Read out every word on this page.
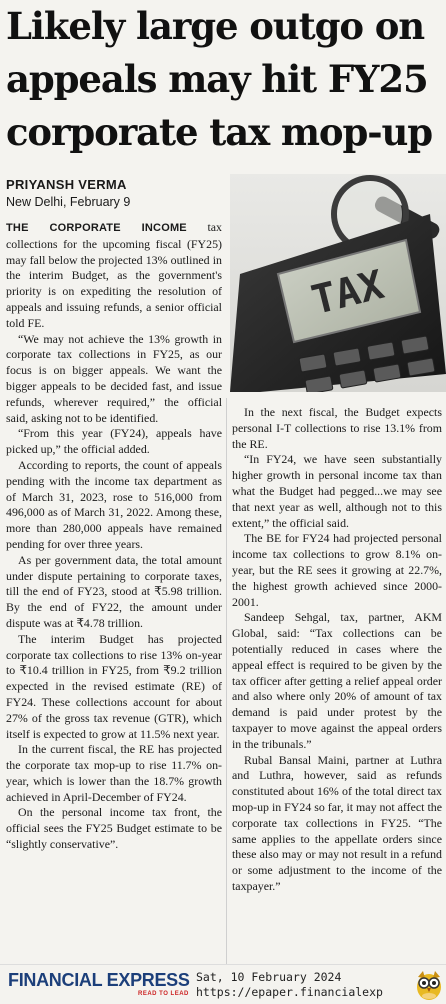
Likely large outgo on
appeals may hit FY25
corporate tax mop-up
PRIYANSH VERMA
New Delhi, February 9
TAX

THE CORPORATE INCOME tax collections for the upcoming fiscal (FY25) may fall below the projected 13% outlined in the interim Budget, as the government's priority is on expediting the resolution of appeals and issuing refunds, a senior official told FE.

“We may not achieve the 13% growth in corporate tax collections in FY25, as our focus is on bigger appeals. We want the bigger appeals to be decided fast, and issue refunds, wherever required,” the official said, asking not to be identified.

“From this year (FY24), appeals have picked up,” the official added.

According to reports, the count of appeals pending with the income tax department as of March 31, 2023, rose to 516,000 from 496,000 as of March 31, 2022. Among these, more than 280,000 appeals have remained pending for over three years.

As per government data, the total amount under dispute pertaining to corporate taxes, till the end of FY23, stood at ₹5.98 trillion. By the end of FY22, the amount under dispute was at ₹4.78 trillion.

The interim Budget has projected corporate tax collections to rise 13% on-year to ₹10.4 trillion in FY25, from ₹9.2 trillion expected in the revised estimate (RE) of FY24. These collections account for about 27% of the gross tax revenue (GTR), which itself is expected to grow at 11.5% next year.

In the current fiscal, the RE has projected the corporate tax mop-up to rise 11.7% on-year, which is lower than the 18.7% growth achieved in April-December of FY24.

On the personal income tax front, the official sees the FY25 Budget estimate to be “slightly conservative”.

In the next fiscal, the Budget expects personal I-T collections to rise 13.1% from the RE.

“In FY24, we have seen substantially higher growth in personal income tax than what the Budget had pegged...we may see that next year as well, although not to this extent,” the official said.

The BE for FY24 had projected personal income tax collections to grow 8.1% on-year, but the RE sees it growing at 22.7%, the highest growth achieved since 2000-2001.

Sandeep Sehgal, tax, partner, AKM Global, said: “Tax collections can be potentially reduced in cases where the appeal effect is required to be given by the tax officer after getting a relief appeal order and also where only 20% of amount of tax demand is paid under protest by the taxpayer to move against the appeal orders in the tribunals.”

Rubal Bansal Maini, partner at Luthra and Luthra, however, said as refunds constituted about 16% of the total direct tax mop-up in FY24 so far, it may not affect the corporate tax collections in FY25. “The same applies to the appellate orders since these also may or may not result in a refund or some adjustment to the income of the taxpayer.”

FINANCIAL EXPRESS
READ TO LEAD
Sat, 10 February 2024
https://epaper.financialexp
